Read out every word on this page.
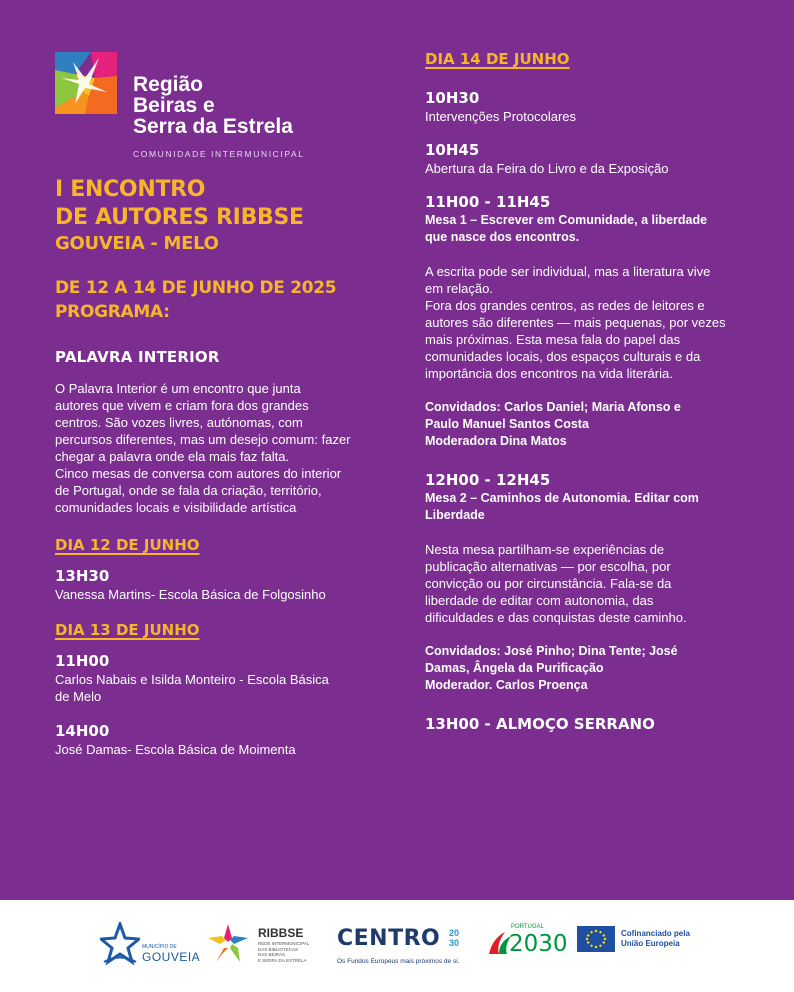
Região
Beiras e
Serra da Estrela
COMUNIDADE INTERMUNICIPAL
I ENCONTRO
DE AUTORES RIBBSE
GOUVEIA - MELO
DE 12 A 14 DE JUNHO DE 2025
PROGRAMA:
PALAVRA INTERIOR
O Palavra Interior é um encontro que junta
autores que vivem e criam fora dos grandes
centros. São vozes livres, autónomas, com
percursos diferentes, mas um desejo comum: fazer
chegar a palavra onde ela mais faz falta.
Cinco mesas de conversa com autores do interior
de Portugal, onde se fala da criação, território,
comunidades locais e visibilidade artística
DIA 12 DE JUNHO
13H30
Vanessa Martins- Escola Básica de Folgosinho
DIA 13 DE JUNHO
11H00
Carlos Nabais e Isilda Monteiro - Escola Básica
de Melo
14H00
José Damas- Escola Básica de Moimenta
DIA 14 DE JUNHO
10H30
Intervenções Protocolares
10H45
Abertura da Feira do Livro e da Exposição
11H00 - 11H45
Mesa 1 – Escrever em Comunidade, a liberdade
que nasce dos encontros.
A escrita pode ser individual, mas a literatura vive
em relação.
Fora dos grandes centros, as redes de leitores e
autores são diferentes — mais pequenas, por vezes
mais próximas. Esta mesa fala do papel das
comunidades locais, dos espaços culturais e da
importância dos encontros na vida literária.
Convidados: Carlos Daniel; Maria Afonso e
Paulo Manuel Santos Costa
Moderadora Dina Matos
12H00 - 12H45
Mesa 2 – Caminhos de Autonomia. Editar com
Liberdade
Nesta mesa partilham-se experiências de
publicação alternativas — por escolha, por
convicção ou por circunstância. Fala-se da
liberdade de editar com autonomia, das
dificuldades e das conquistas deste caminho.
Convidados: José Pinho; Dina Tente; José
Damas, Ângela da Purificação
Moderador. Carlos Proença
13H00 - ALMOÇO SERRANO
MUNICÍPIO DE
GOUVEIA
RIBBSE
REDE INTERMUNICIPAL
DAS BIBLIOTECAS
DAS BEIRAS
E SERRA DA ESTRELA
CENTRO 20
30
Os Fundos Europeus mais próximos de si.
PORTUGAL
2030	Cofinanciado pela
União Europeia
